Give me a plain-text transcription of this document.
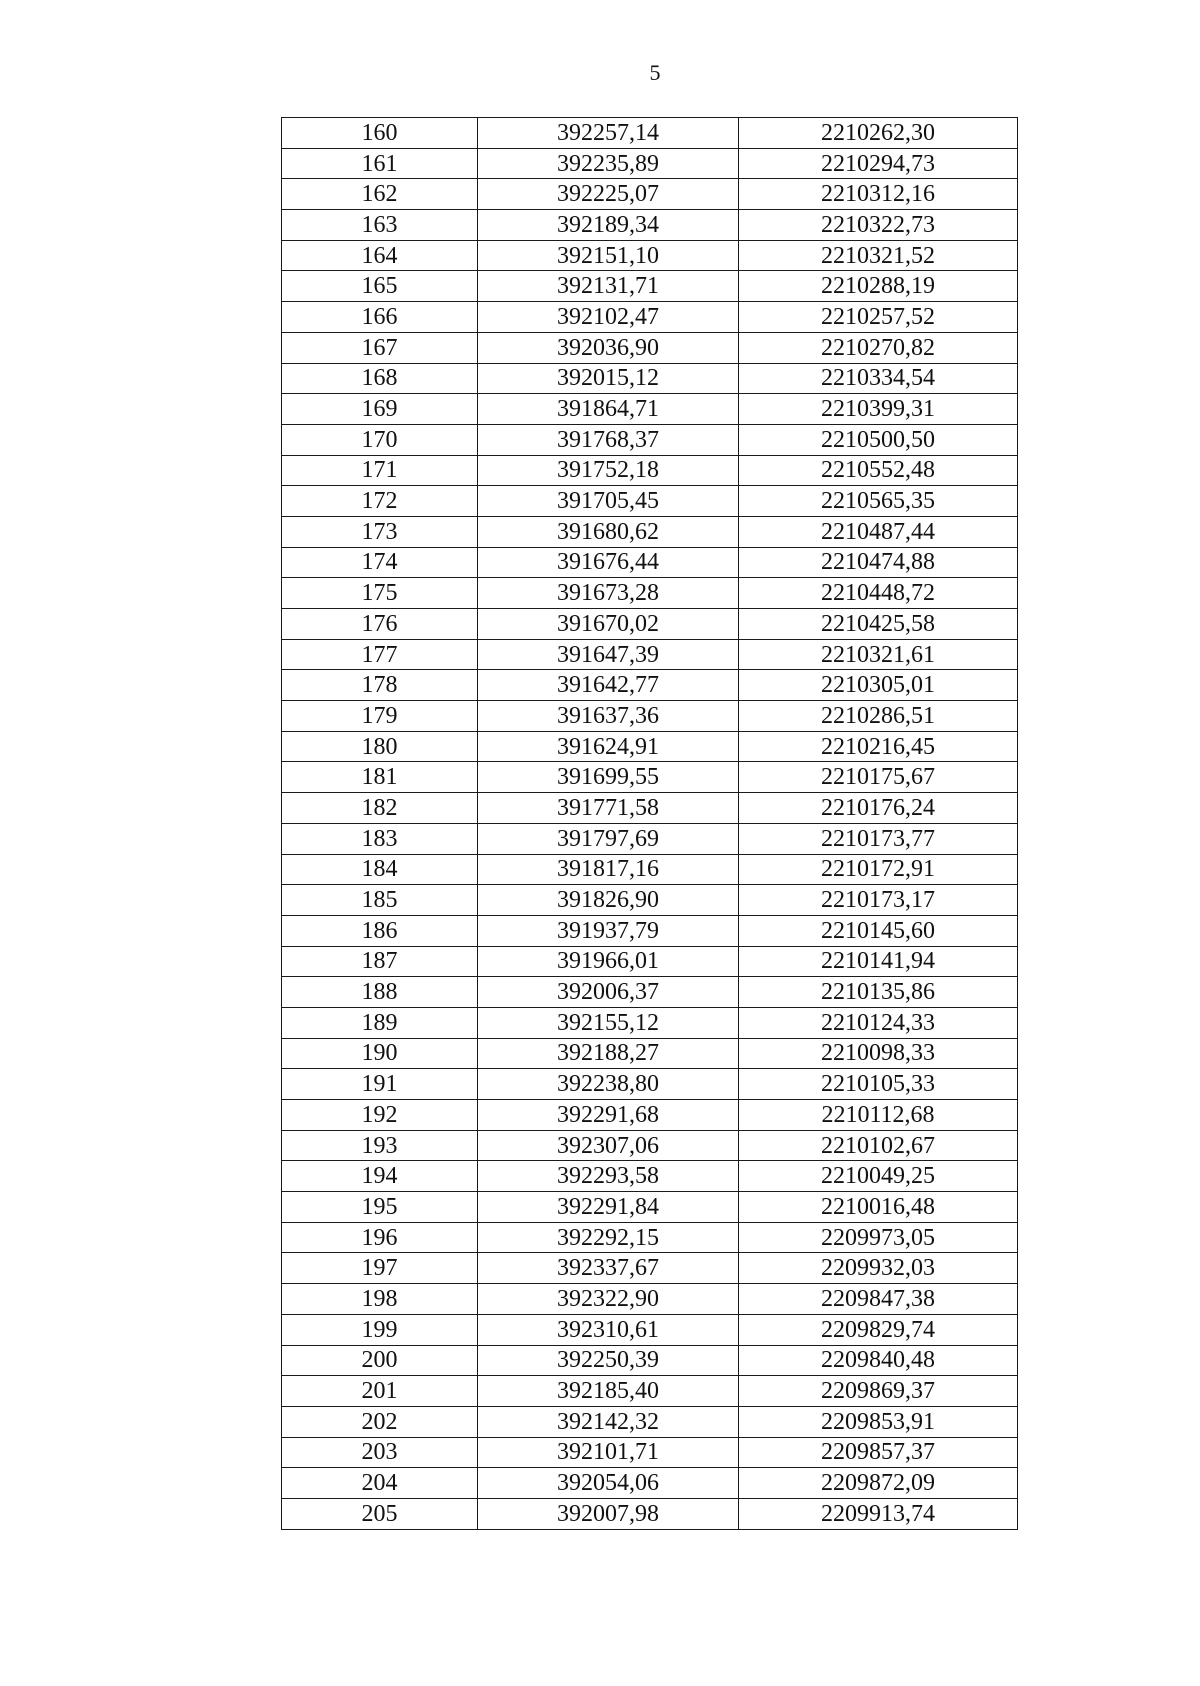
5
160	392257,14	2210262,30
161	392235,89	2210294,73
162	392225,07	2210312,16
163	392189,34	2210322,73
164	392151,10	2210321,52
165	392131,71	2210288,19
166	392102,47	2210257,52
167	392036,90	2210270,82
168	392015,12	2210334,54
169	391864,71	2210399,31
170	391768,37	2210500,50
171	391752,18	2210552,48
172	391705,45	2210565,35
173	391680,62	2210487,44
174	391676,44	2210474,88
175	391673,28	2210448,72
176	391670,02	2210425,58
177	391647,39	2210321,61
178	391642,77	2210305,01
179	391637,36	2210286,51
180	391624,91	2210216,45
181	391699,55	2210175,67
182	391771,58	2210176,24
183	391797,69	2210173,77
184	391817,16	2210172,91
185	391826,90	2210173,17
186	391937,79	2210145,60
187	391966,01	2210141,94
188	392006,37	2210135,86
189	392155,12	2210124,33
190	392188,27	2210098,33
191	392238,80	2210105,33
192	392291,68	2210112,68
193	392307,06	2210102,67
194	392293,58	2210049,25
195	392291,84	2210016,48
196	392292,15	2209973,05
197	392337,67	2209932,03
198	392322,90	2209847,38
199	392310,61	2209829,74
200	392250,39	2209840,48
201	392185,40	2209869,37
202	392142,32	2209853,91
203	392101,71	2209857,37
204	392054,06	2209872,09
205	392007,98	2209913,74
